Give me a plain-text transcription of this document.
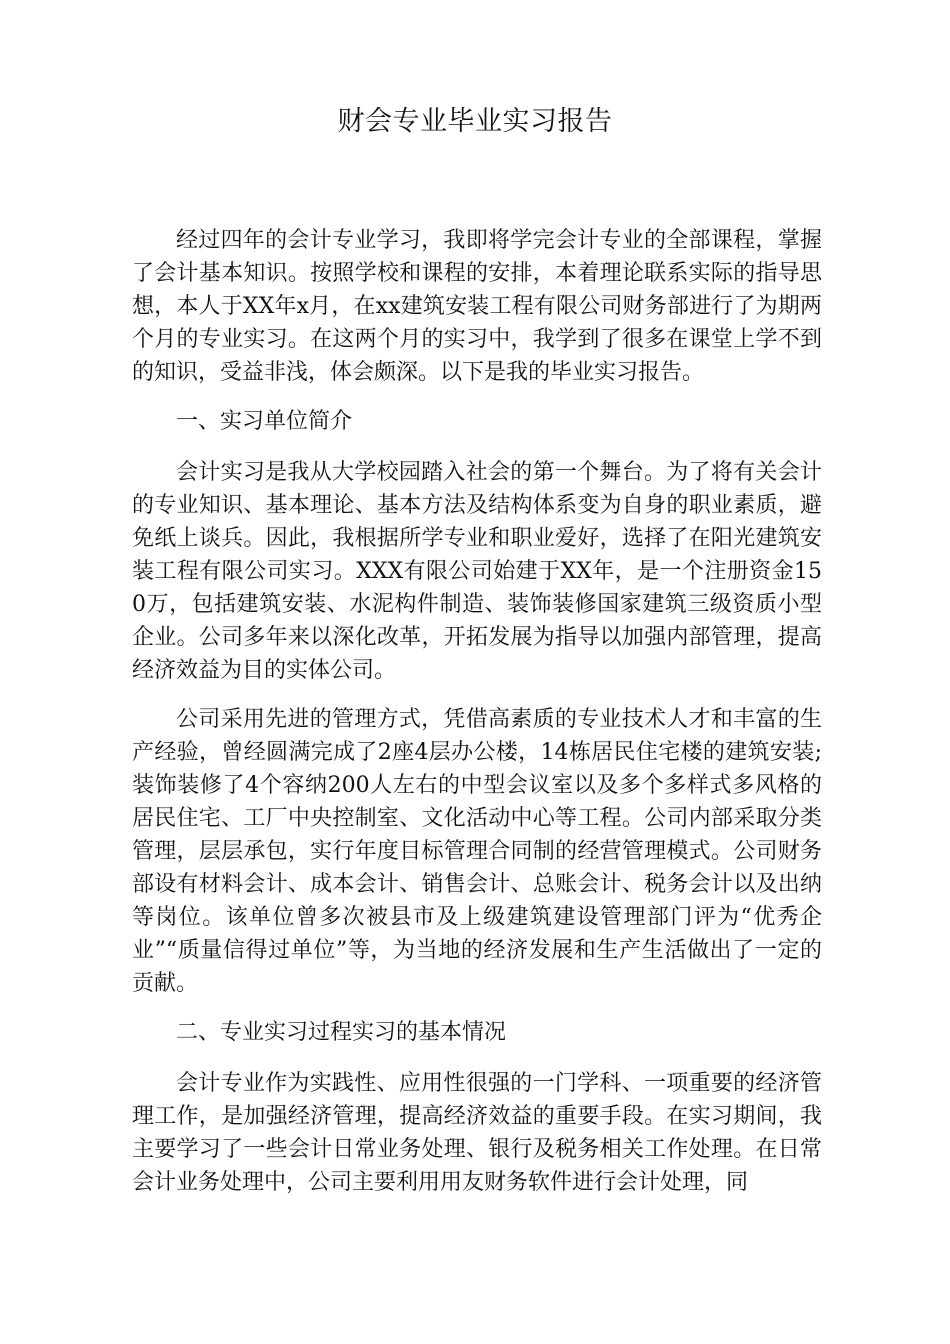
财会专业毕业实习报告

经过四年的会计专业学习，我即将学完会计专业的全部课程，掌握了会计基本知识。按照学校和课程的安排，本着理论联系实际的指导思想，本人于XX年x月，在xx建筑安装工程有限公司财务部进行了为期两个月的专业实习。在这两个月的实习中，我学到了很多在课堂上学不到的知识，受益非浅，体会颇深。以下是我的毕业实习报告。

一、实习单位简介

会计实习是我从大学校园踏入社会的第一个舞台。为了将有关会计的专业知识、基本理论、基本方法及结构体系变为自身的职业素质，避免纸上谈兵。因此，我根据所学专业和职业爱好，选择了在阳光建筑安装工程有限公司实习。XXX有限公司始建于XX年，是一个注册资金150万，包括建筑安装、水泥构件制造、装饰装修国家建筑三级资质小型企业。公司多年来以深化改革，开拓发展为指导以加强内部管理，提高经济效益为目的实体公司。

公司采用先进的管理方式，凭借高素质的专业技术人才和丰富的生产经验，曾经圆满完成了2座4层办公楼，14栋居民住宅楼的建筑安装;装饰装修了4个容纳200人左右的中型会议室以及多个多样式多风格的居民住宅、工厂中央控制室、文化活动中心等工程。公司内部采取分类管理，层层承包，实行年度目标管理合同制的经营管理模式。公司财务部设有材料会计、成本会计、销售会计、总账会计、税务会计以及出纳等岗位。该单位曾多次被县市及上级建筑建设管理部门评为“优秀企业”“质量信得过单位”等，为当地的经济发展和生产生活做出了一定的贡献。

二、专业实习过程实习的基本情况

会计专业作为实践性、应用性很强的一门学科、一项重要的经济管理工作，是加强经济管理，提高经济效益的重要手段。在实习期间，我主要学习了一些会计日常业务处理、银行及税务相关工作处理。在日常会计业务处理中，公司主要利用用友财务软件进行会计处理，同
